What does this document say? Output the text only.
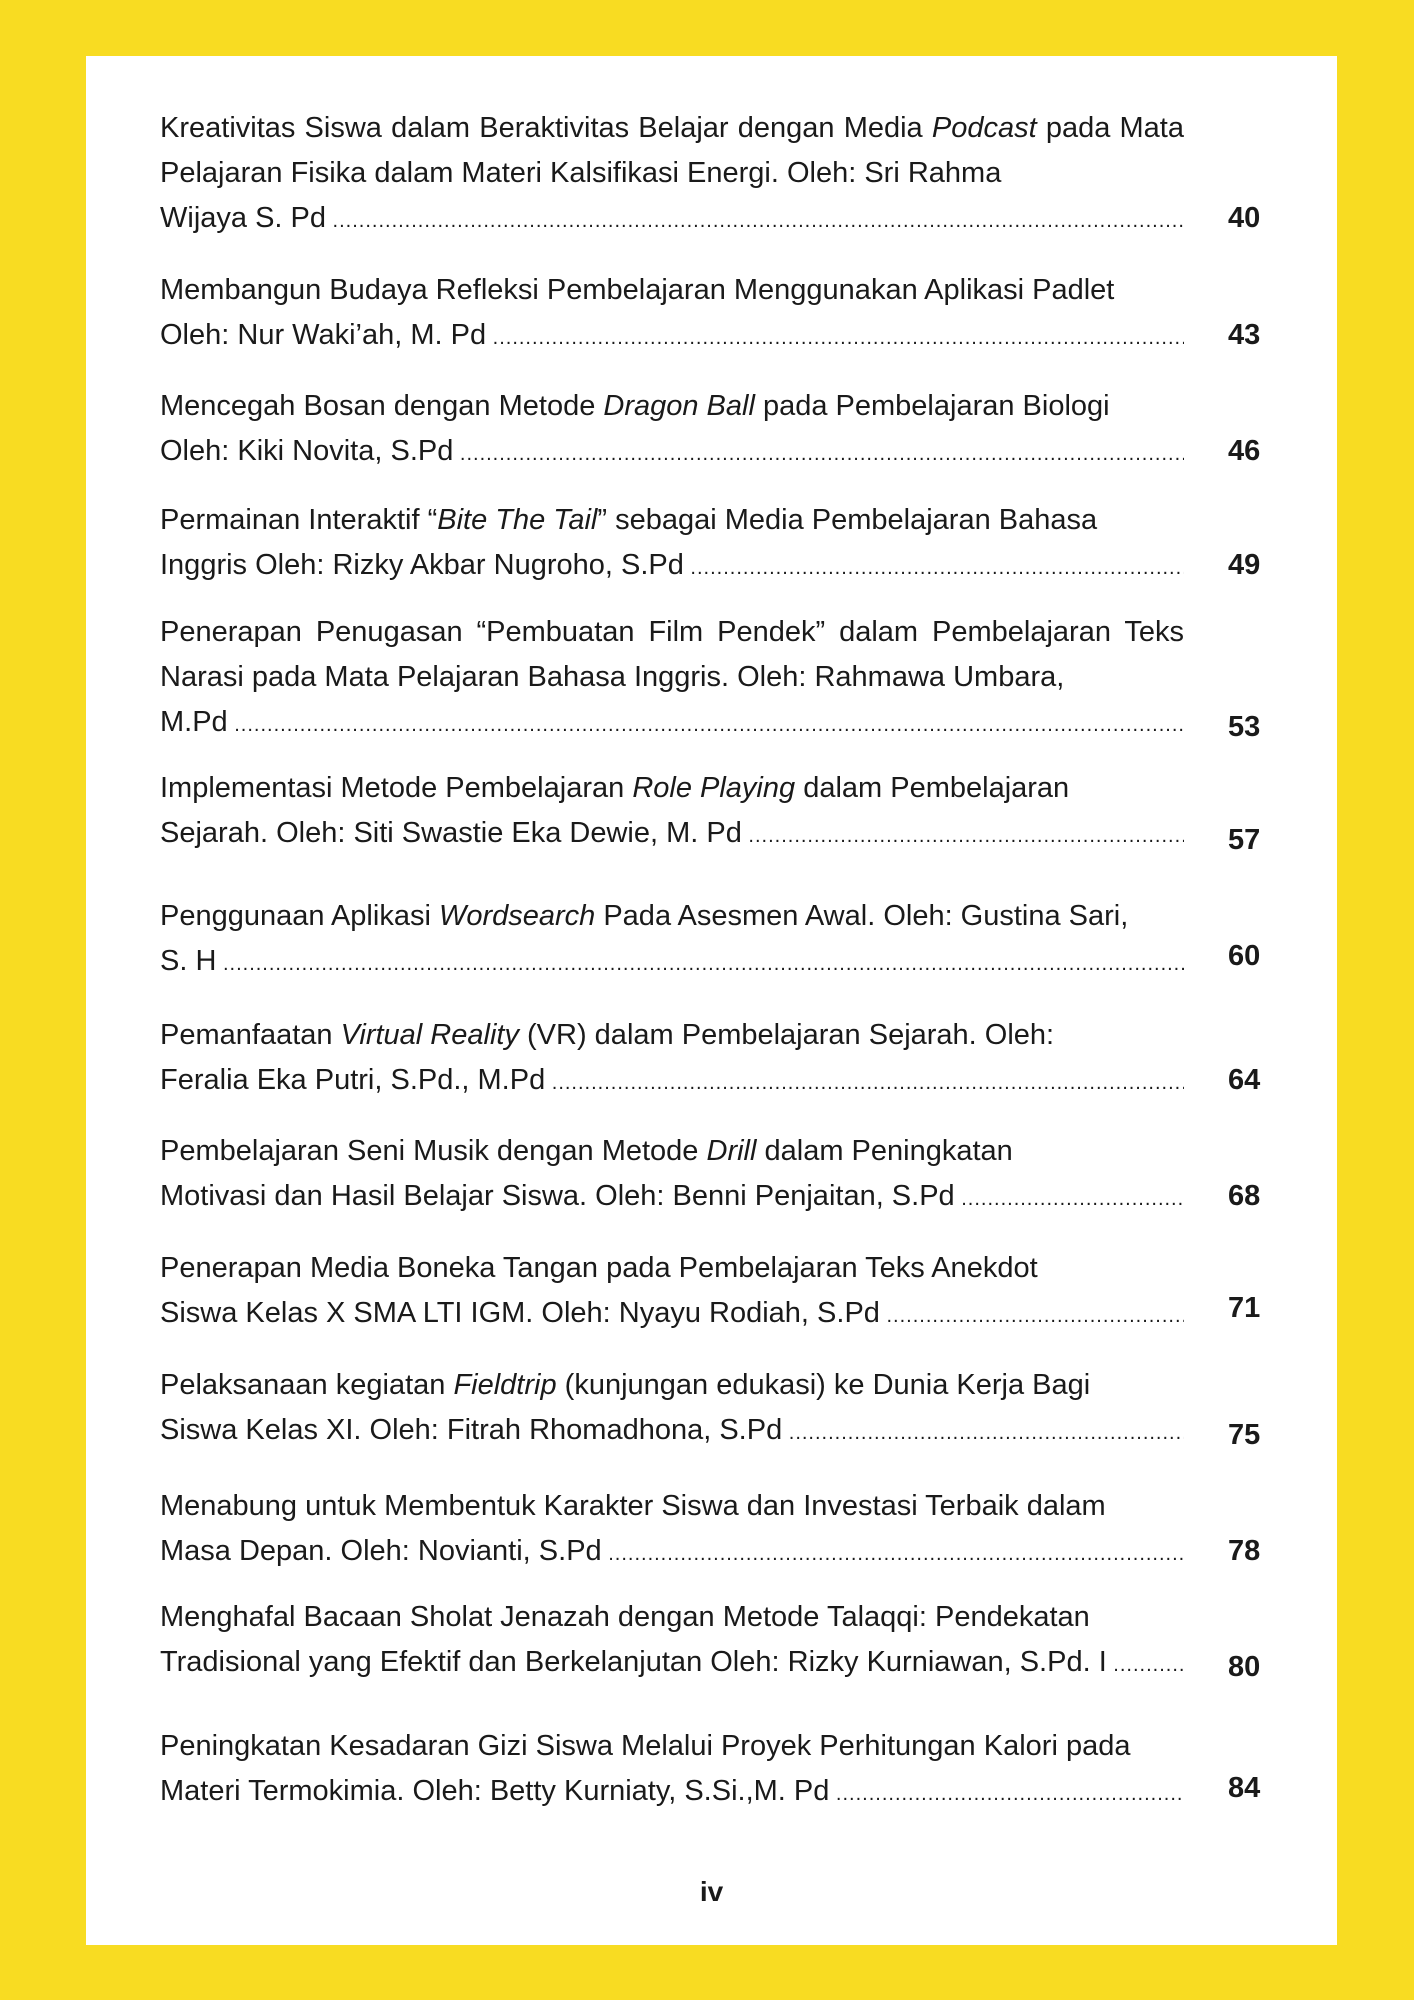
Kreativitas Siswa dalam Beraktivitas Belajar dengan Media Podcast pada Mata Pelajaran Fisika dalam Materi Kalsifikasi Energi. Oleh: Sri Rahma
Wijaya S. Pd .....	40
Membangun Budaya Refleksi Pembelajaran Menggunakan Aplikasi Padlet
Oleh: Nur Waki’ah, M. Pd .....	43
Mencegah Bosan dengan Metode Dragon Ball pada Pembelajaran Biologi
Oleh: Kiki Novita, S.Pd .....	46
Permainan Interaktif “Bite The Tail” sebagai Media Pembelajaran Bahasa
Inggris Oleh: Rizky Akbar Nugroho, S.Pd .....	49
Penerapan Penugasan “Pembuatan Film Pendek” dalam Pembelajaran Teks Narasi pada Mata Pelajaran Bahasa Inggris. Oleh: Rahmawa Umbara,
M.Pd .....	53
Implementasi Metode Pembelajaran Role Playing dalam Pembelajaran
Sejarah. Oleh: Siti Swastie Eka Dewie, M. Pd .....	57
Penggunaan Aplikasi Wordsearch Pada Asesmen Awal. Oleh: Gustina Sari,
S. H .....	60
Pemanfaatan Virtual Reality (VR) dalam Pembelajaran Sejarah. Oleh:
Feralia Eka Putri, S.Pd., M.Pd .....	64
Pembelajaran Seni Musik dengan Metode Drill dalam Peningkatan
Motivasi dan Hasil Belajar Siswa. Oleh: Benni Penjaitan, S.Pd .....	68
Penerapan Media Boneka Tangan pada Pembelajaran Teks Anekdot
Siswa Kelas X SMA LTI IGM. Oleh: Nyayu Rodiah, S.Pd .....	71
Pelaksanaan kegiatan Fieldtrip (kunjungan edukasi) ke Dunia Kerja Bagi
Siswa Kelas XI. Oleh: Fitrah Rhomadhona, S.Pd .....	75
Menabung untuk Membentuk Karakter Siswa dan Investasi Terbaik dalam
Masa Depan. Oleh: Novianti, S.Pd .....	78
Menghafal Bacaan Sholat Jenazah dengan Metode Talaqqi: Pendekatan
Tradisional yang Efektif dan Berkelanjutan Oleh: Rizky Kurniawan, S.Pd. I .....	80
Peningkatan Kesadaran Gizi Siswa Melalui Proyek Perhitungan Kalori pada
Materi Termokimia. Oleh: Betty Kurniaty, S.Si.,M. Pd .....	84
iv
